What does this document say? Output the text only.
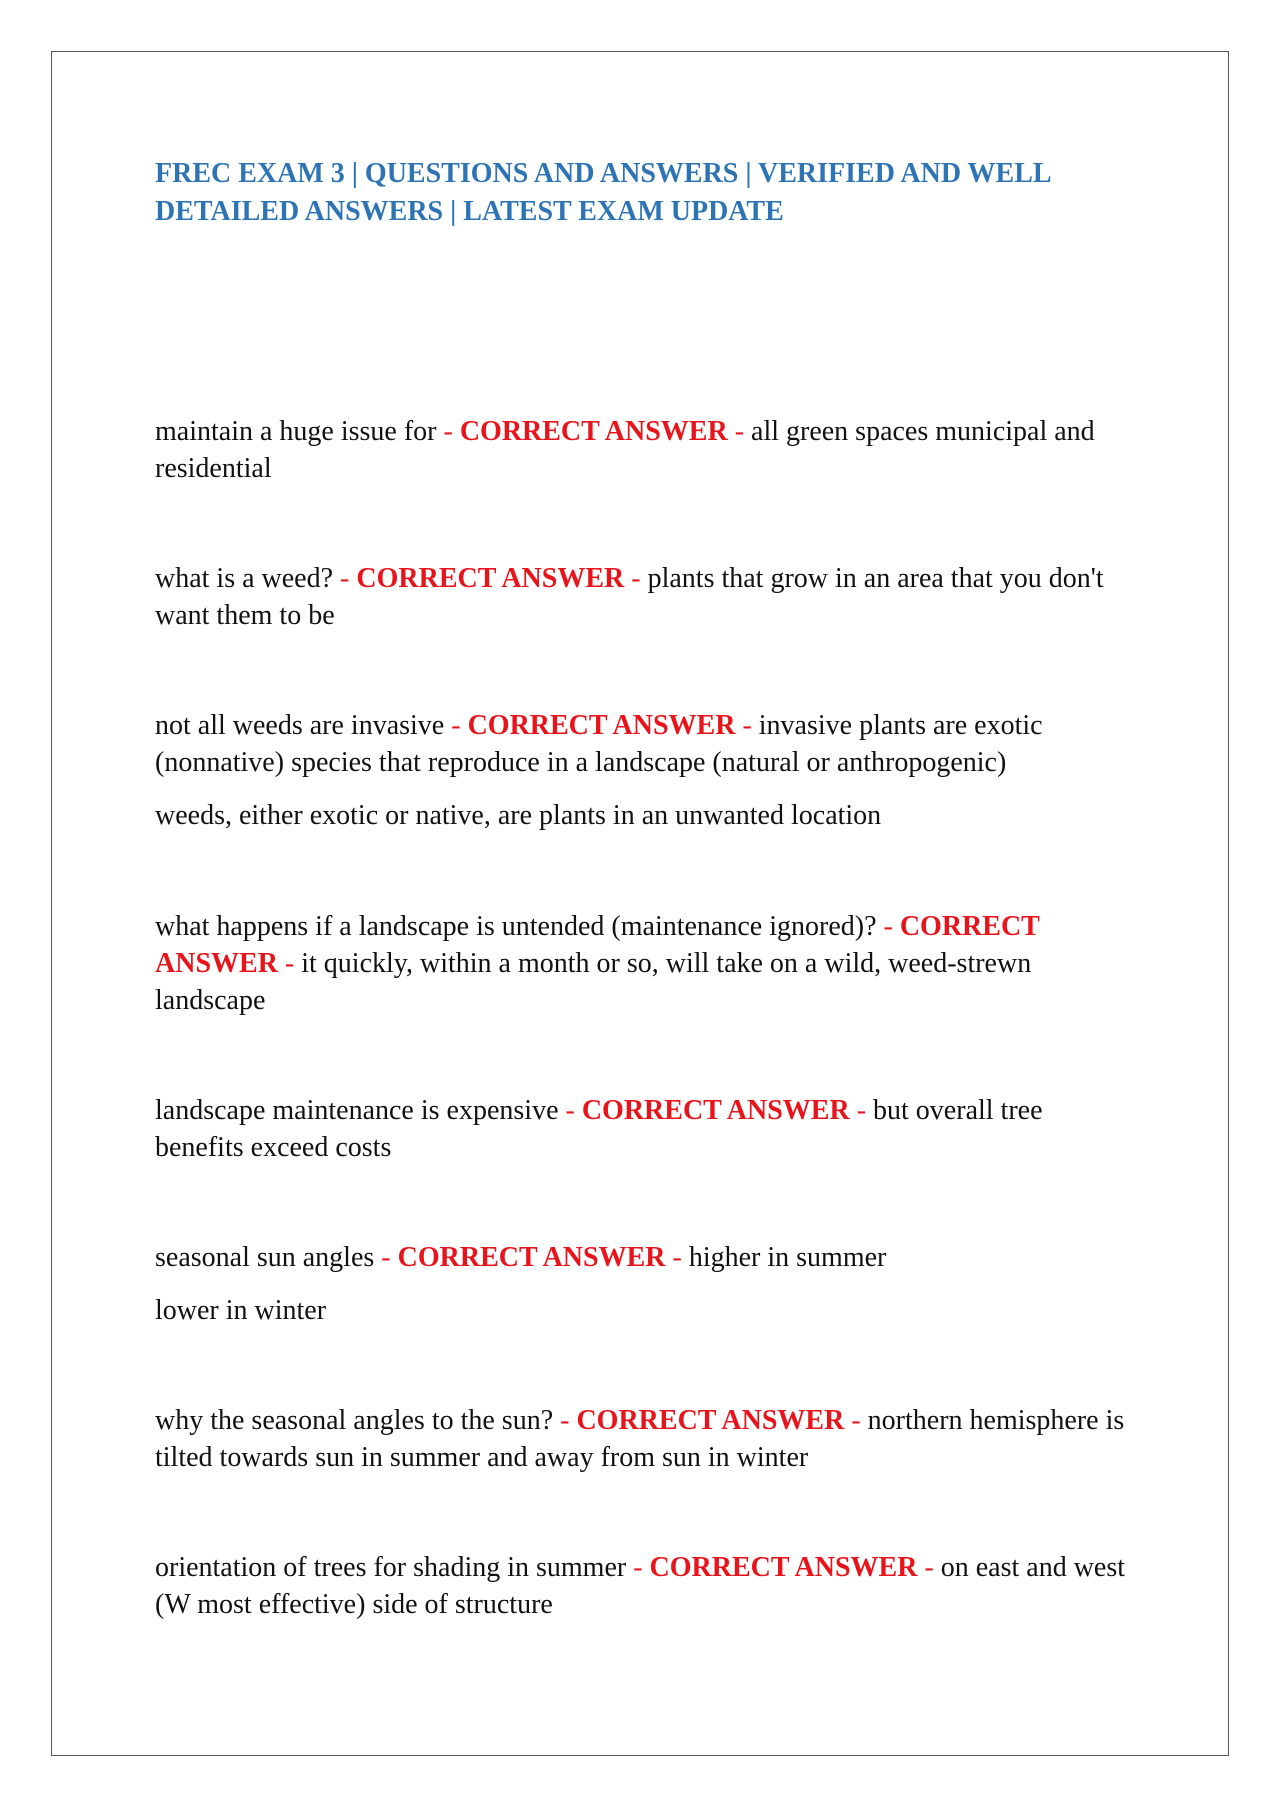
FREC EXAM 3 | QUESTIONS AND ANSWERS | VERIFIED AND WELL DETAILED ANSWERS | LATEST EXAM UPDATE

maintain a huge issue for - CORRECT ANSWER - all green spaces municipal and residential

what is a weed? - CORRECT ANSWER - plants that grow in an area that you don't want them to be

not all weeds are invasive - CORRECT ANSWER - invasive plants are exotic (nonnative) species that reproduce in a landscape (natural or anthropogenic)

weeds, either exotic or native, are plants in an unwanted location

what happens if a landscape is untended (maintenance ignored)? - CORRECT ANSWER - it quickly, within a month or so, will take on a wild, weed-strewn landscape

landscape maintenance is expensive - CORRECT ANSWER - but overall tree benefits exceed costs

seasonal sun angles - CORRECT ANSWER - higher in summer

lower in winter

why the seasonal angles to the sun? - CORRECT ANSWER - northern hemisphere is tilted towards sun in summer and away from sun in winter

orientation of trees for shading in summer - CORRECT ANSWER - on east and west (W most effective) side of structure
